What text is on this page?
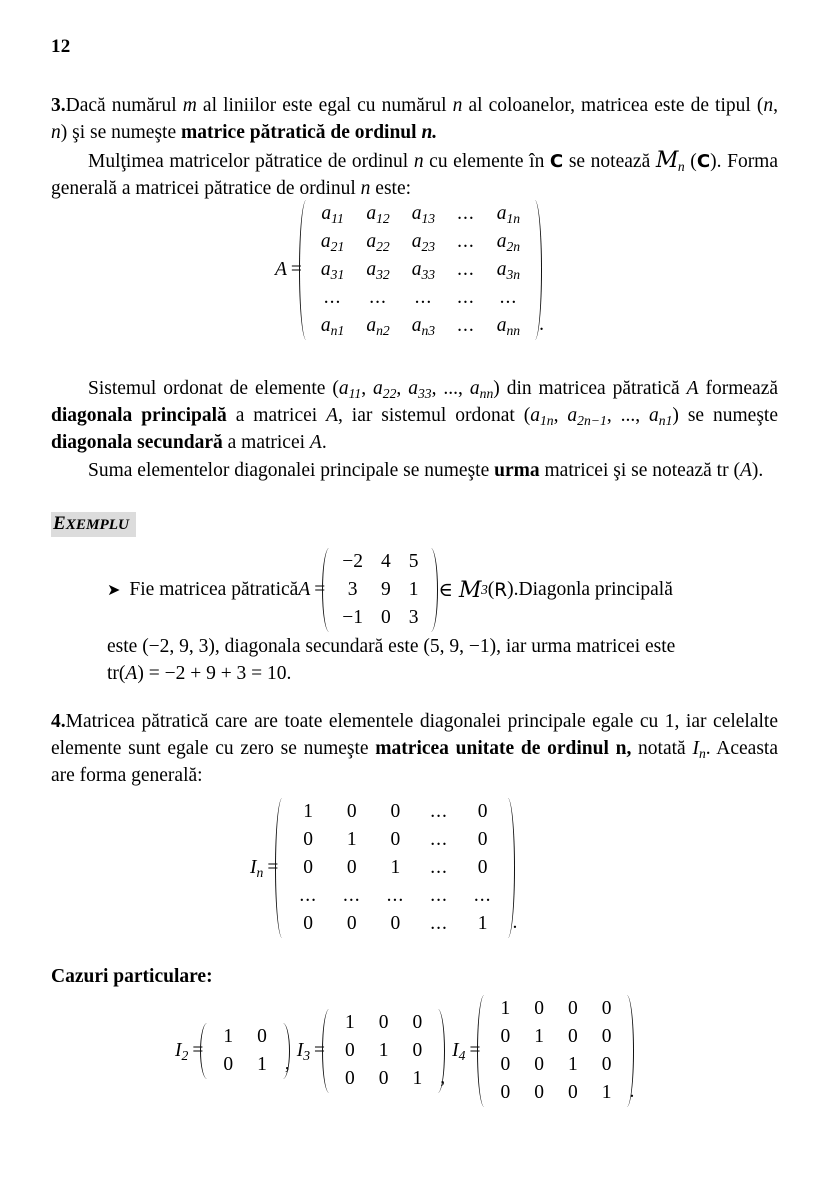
12
3.Dacă numărul m al liniilor este egal cu numărul n al coloanelor, matricea este de tipul (n, n) şi se numeşte matrice pătratică de ordinul n.
Mulţimea matricelor pătratice de ordinul n cu elemente în C se notează $M_n$ (C). Forma generală a matricei pătratice de ordinul n este:
A =
$a_{11}$	$a_{12}$	$a_{13}$	...	$a_{1n}$
$a_{21}$	$a_{22}$	$a_{23}$	...	$a_{2n}$
$a_{31}$	$a_{32}$	$a_{33}$	...	$a_{3n}$
...	...	...	...	...
$a_{n1}$	$a_{n2}$	$a_{n3}$	...	$a_{nn}$ .
Sistemul ordonat de elemente ($a_{11}$, $a_{22}$, $a_{33}$, ..., $a_{nn}$) din matricea pătratică A formează diagonala principală a matricei A, iar sistemul ordonat ($a_{1n}$, $a_{2n-1}$, ..., $a_{n1}$) se numeşte diagonala secundară a matricei A.
Suma elementelor diagonalei principale se numeşte urma matricei şi se notează tr (A).
EXEMPLU
➤ Fie matricea pătratică A =
−2	4	5
3	9	1
−1	0	3
∈ M 3 ( R ). Diagonla principală
este (−2, 9, 3), diagonala secundară este (5, 9, −1), iar urma matricei este
tr(A) = −2 + 9 + 3 = 10.
4.Matricea pătratică care are toate elementele diagonalei principale egale cu 1, iar celelalte elemente sunt egale cu zero se numeşte matricea unitate de ordinul n, notată $I_n$. Aceasta are forma generală:
$I_n$ =
1	0	0	...	0
0	1	0	...	0
0	0	1	...	0
...	...	...	...	...
0	0	0	...	1 .
Cazuri particulare:
$I_2$ =
1	0
0	1 ,
$I_3$ =
1	0	0
0	1	0
0	0	1 ,
$I_4$ =
1	0	0	0
0	1	0	0
0	0	1	0
0	0	0	1 .
